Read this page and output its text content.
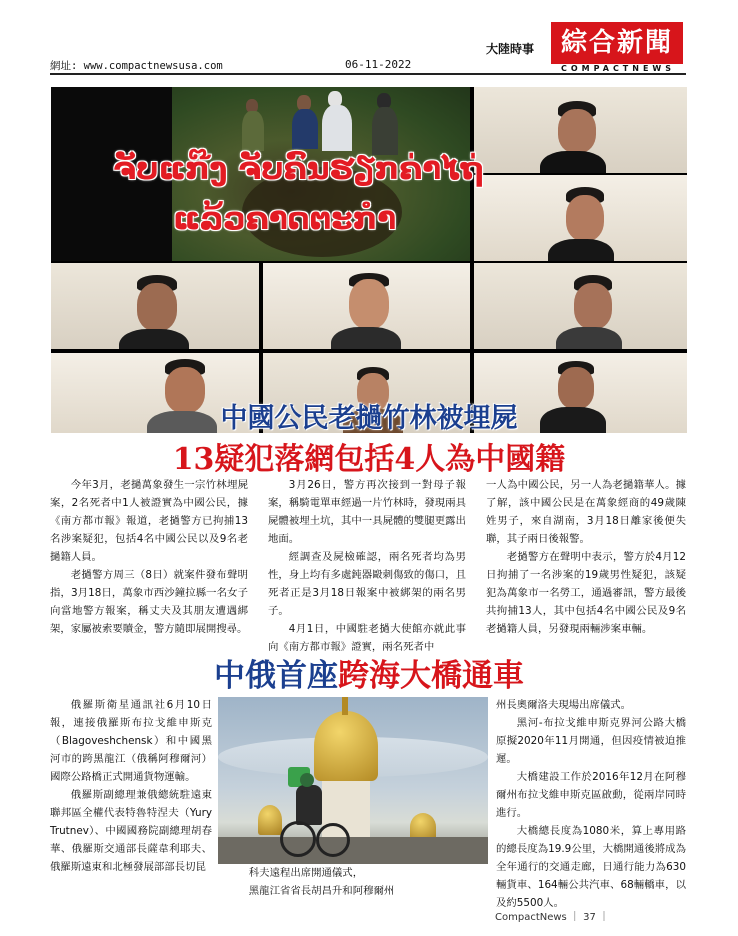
網址: www.compactnewsusa.com	06-11-2022
大陸時事	綜合新聞
COMPACTNEWS
ຈັບແກ໊ງ ຈັບຄົນຮຽກຄ່າໄຖ່
ແລ້ວຄາດຕະກຳ
中國公民老撾竹林被埋屍
13疑犯落網包括4人為中國籍

今年3月，老撾萬象發生一宗竹林埋屍案，2名死者中1人被證實為中國公民，據《南方都市報》報道，老撾警方已拘捕13名涉案疑犯，包括4名中國公民以及9名老撾籍人員。

老撾警方周三（8日）就案件發布聲明指，3月18日，萬象市西沙鐘拉縣一名女子向當地警方報案，稱丈夫及其朋友遭遇綁架，家屬被索要贖金，警方隨即展開搜尋。

3月26日，警方再次接到一對母子報案，稱騎電單車經過一片竹林時，發現兩具屍體被埋土坑，其中一具屍體的雙腿更露出地面。

經調查及屍檢確認，兩名死者均為男性，身上均有多處鈍器毆刺傷致的傷口，且死者正是3月18日報案中被綁架的兩名男子。

4月1日，中國駐老撾大使館亦就此事向《南方都市報》證實，兩名死者中

一人為中國公民，另一人為老撾籍華人。據了解，該中國公民是在萬象經商的49歲陳姓男子，來自湖南，3月18日離家後便失聯，其子兩日後報警。

老撾警方在聲明中表示，警方於4月12日拘捕了一名涉案的19歲男性疑犯，該疑犯為萬象市一名勞工，通過審訊，警方最後共拘捕13人，其中包括4名中國公民及9名老撾籍人員，另發現兩輛涉案車輛。

中俄首座跨海大橋通車

俄羅斯衛星通訊社6月10日報，連接俄羅斯布拉戈維申斯克（Blagoveshchensk）和中國黑河市的跨黑龍江（俄稱阿穆爾河）國際公路橋正式開通貨物運輸。

俄羅斯副總理兼俄總統駐遠東聯邦區全權代表特魯特涅夫（Yury Trutnev）、中國國務院副總理胡春華、俄羅斯交通部長薩韋利耶夫、俄羅斯遠東和北極發展部部長切昆	科夫遠程出席開通儀式，
黑龍江省省長胡昌升和阿穆爾州

州長奧爾洛夫現場出席儀式。

黑河-布拉戈維申斯克界河公路大橋原擬2020年11月開通，但因疫情被迫推遲。

大橋建設工作於2016年12月在阿穆爾州布拉戈維申斯克區啟動，從兩岸同時進行。

大橋總長度為1080米，算上專用路的總長度為19.9公里，大橋開通後將成為全年通行的交通走廊，日通行能力為630輛貨車、164輛公共汽車、68輛轎車，以及約5500人。

CompactNews ｜ 37 ｜
